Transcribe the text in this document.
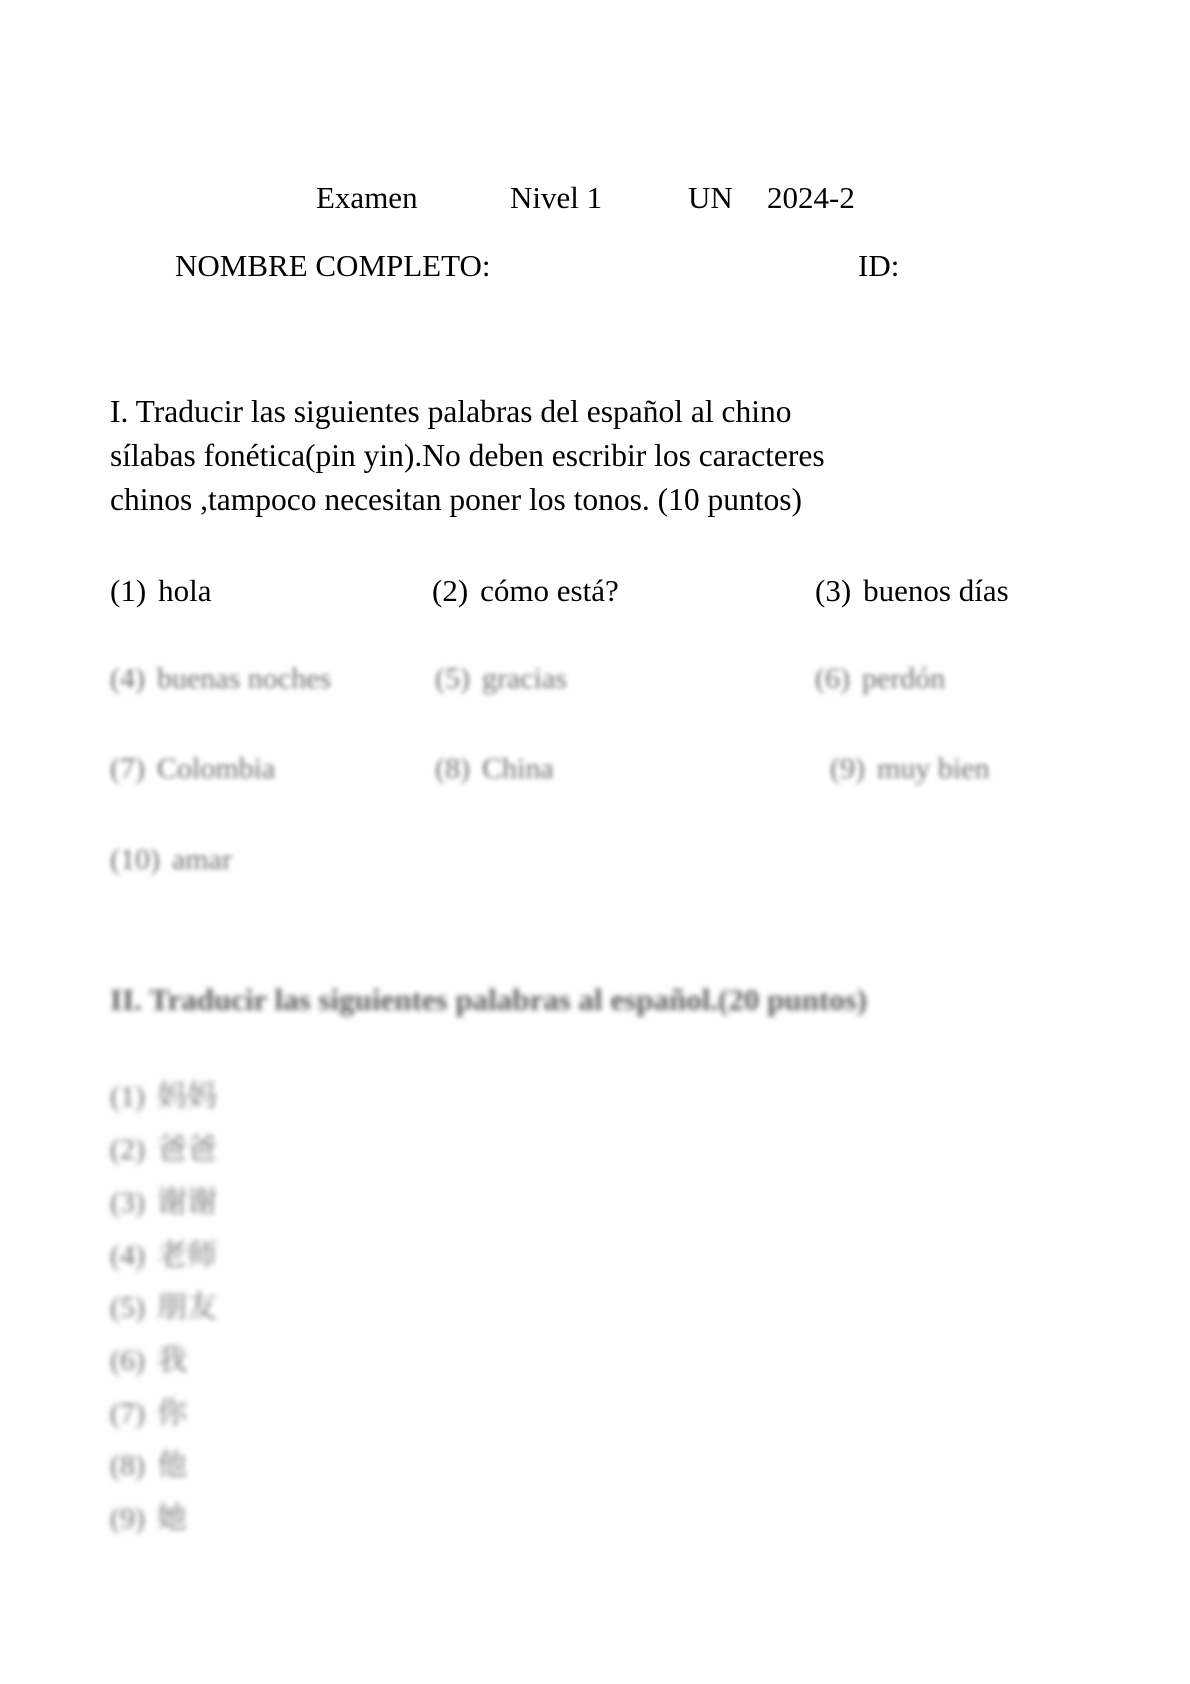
Examen	Nivel 1	UN 2024-2
NOMBRE COMPLETO:	ID:
I. Traducir las siguientes palabras del español al chino
sílabas fonética(pin yin).No deben escribir los caracteres
chinos ,tampoco necesitan poner los tonos. (10 puntos)
(1) hola	(2) cómo está?	(3) buenos días
(4) buenas noches	(5) gracias	(6) perdón
(7) Colombia	(8) China	(9) muy bien
(10) amar
II. Traducir las siguientes palabras al español.(20 puntos)
(1) 妈妈
(2) 爸爸
(3) 谢谢
(4) 老师
(5) 朋友
(6) 我
(7) 你
(8) 他
(9) 她
